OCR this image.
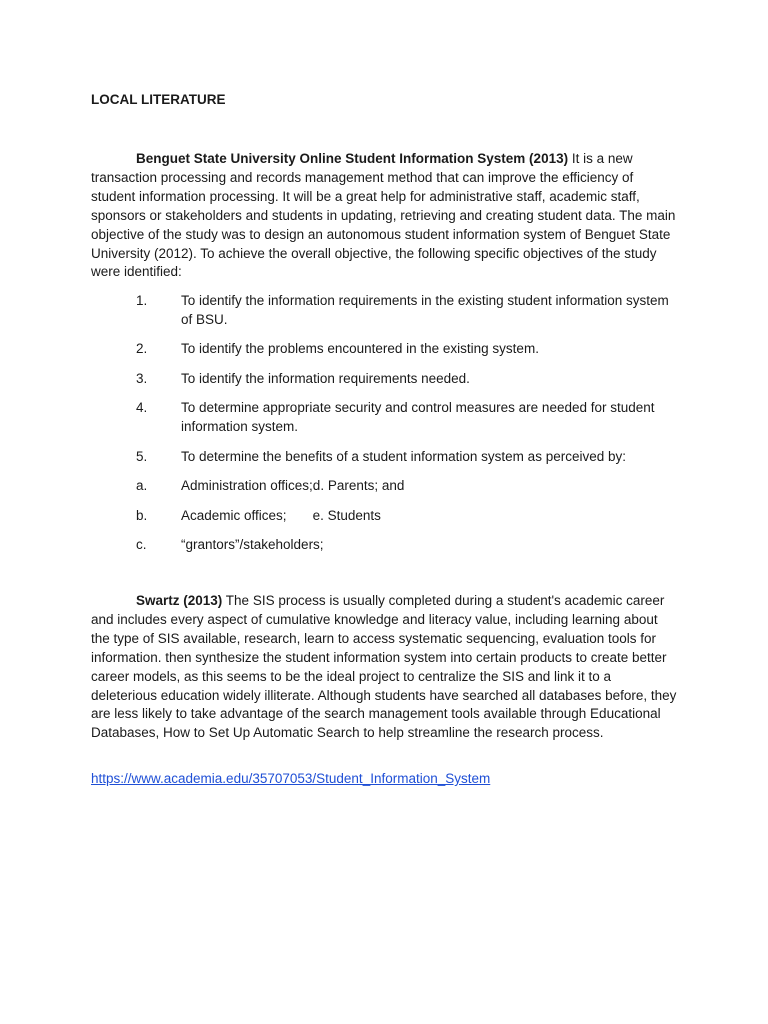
LOCAL LITERATURE

Benguet State University Online Student Information System (2013) It is a new transaction processing and records management method that can improve the efficiency of student information processing. It will be a great help for administrative staff, academic staff, sponsors or stakeholders and students in updating, retrieving and creating student data. The main objective of the study was to design an autonomous student information system of Benguet State University (2012). To achieve the overall objective, the following specific objectives of the study were identified:

1. To identify the information requirements in the existing student information system of BSU.
2. To identify the problems encountered in the existing system.
3. To identify the information requirements needed.
4. To determine appropriate security and control measures are needed for student information system.
5. To determine the benefits of a student information system as perceived by:
a. Administration offices;d. Parents; and
b. Academic offices; e. Students
c.	“grantors”/stakeholders;

Swartz (2013) The SIS process is usually completed during a student's academic career and includes every aspect of cumulative knowledge and literacy value, including learning about the type of SIS available, research, learn to access systematic sequencing, evaluation tools for information. then synthesize the student information system into certain products to create better career models, as this seems to be the ideal project to centralize the SIS and link it to a deleterious education widely illiterate. Although students have searched all databases before, they are less likely to take advantage of the search management tools available through Educational Databases, How to Set Up Automatic Search to help streamline the research process.

https://www.academia.edu/35707053/Student_Information_System
